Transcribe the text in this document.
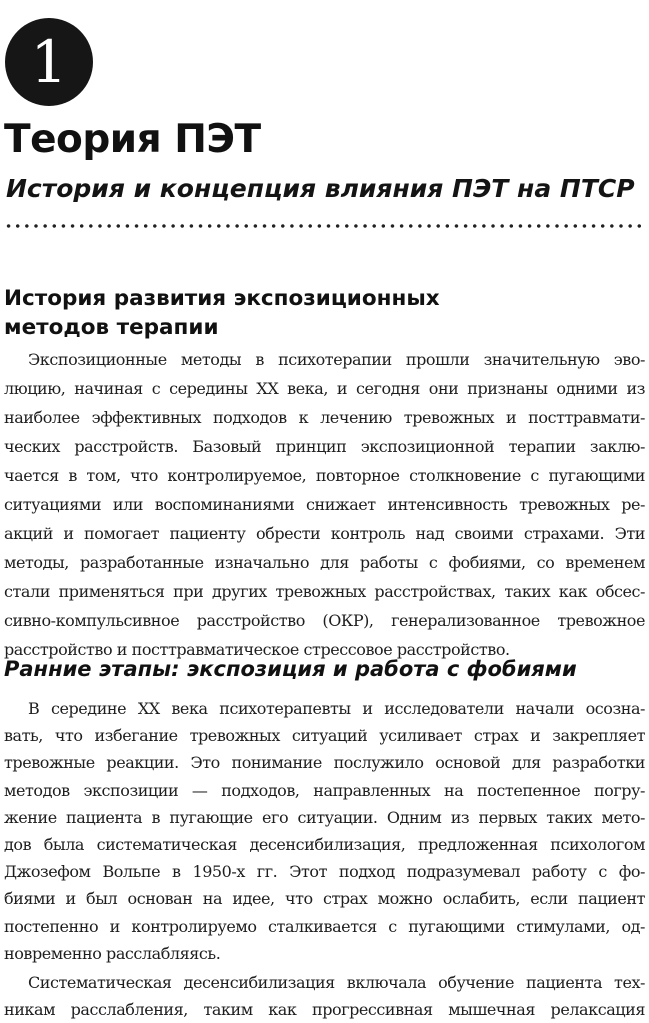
1
Теория ПЭТ
История и концепция влияния ПЭТ на ПТСР
История развития экспозиционных
методов терапии

Экспозиционные методы в психотерапии прошли значительную эво-

люцию, начиная с середины XX века, и сегодня они признаны одними из

наиболее эффективных подходов к лечению тревожных и посттравмати-

ческих расстройств. Базовый принцип экспозиционной терапии заклю-

чается в том, что контролируемое, повторное столкновение с пугающими

ситуациями или воспоминаниями снижает интенсивность тревожных ре-

акций и помогает пациенту обрести контроль над своими страхами. Эти

методы, разработанные изначально для работы с фобиями, со временем

стали применяться при других тревожных расстройствах, таких как обсес-

сивно-компульсивное расстройство (ОКР), генерализованное тревожное

расстройство и посттравматическое стрессовое расстройство.

Ранние этапы: экспозиция и работа с фобиями

В середине XX века психотерапевты и исследователи начали осозна-

вать, что избегание тревожных ситуаций усиливает страх и закрепляет

тревожные реакции. Это понимание послужило основой для разработки

методов экспозиции — подходов, направленных на постепенное погру-

жение пациента в пугающие его ситуации. Одним из первых таких мето-

дов была систематическая десенсибилизация, предложенная психологом

Джозефом Вольпе в 1950-х гг. Этот подход подразумевал работу с фо-

биями и был основан на идее, что страх можно ослабить, если пациент

постепенно и контролируемо сталкивается с пугающими стимулами, од-

новременно расслабляясь.

Систематическая десенсибилизация включала обучение пациента тех-

никам расслабления, таким как прогрессивная мышечная релаксация
